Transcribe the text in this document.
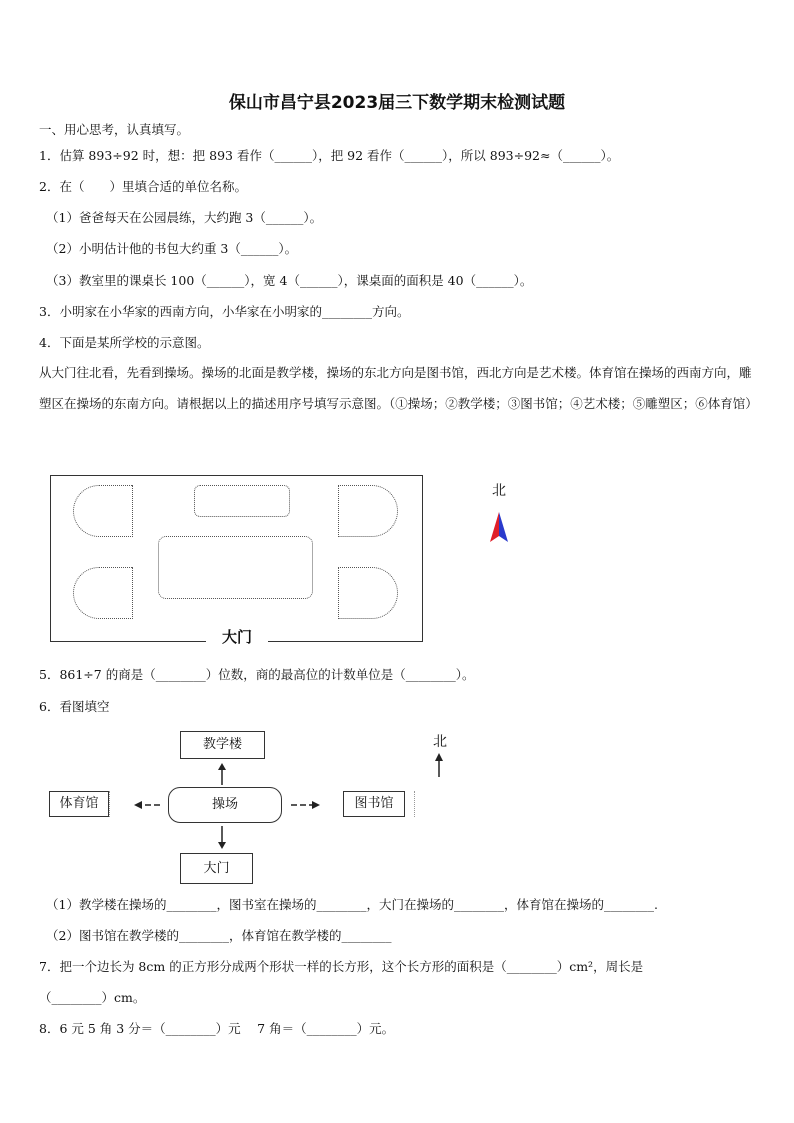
保山市昌宁县2023届三下数学期末检测试题
一、用心思考，认真填写。
1．估算 893÷92 时，想：把 893 看作（______），把 92 看作（______），所以 893÷92≈（______）。
2．在（　　）里填合适的单位名称。
（1）爸爸每天在公园晨练，大约跑 3（______）。
（2）小明估计他的书包大约重 3（______）。
（3）教室里的课桌长 100（______），宽 4（______），课桌面的面积是 40（______）。
3．小明家在小华家的西南方向，小华家在小明家的________方向。
4．下面是某所学校的示意图。
从大门往北看，先看到操场。操场的北面是教学楼，操场的东北方向是图书馆，西北方向是艺术楼。体育馆在操场的西南方向，雕塑区在操场的东南方向。请根据以上的描述用序号填写示意图。（①操场；②教学楼；③图书馆；④艺术楼；⑤雕塑区；⑥体育馆）
大门
北
5．861÷7 的商是（________）位数，商的最高位的计数单位是（________）。
6．看图填空
教学楼
体育馆	操场	图书馆
大门
北
（1）教学楼在操场的________，图书室在操场的________，大门在操场的________，体育馆在操场的________.
（2）图书馆在教学楼的________，体育馆在教学楼的________
7．把一个边长为 8cm 的正方形分成两个形状一样的长方形，这个长方形的面积是（________）cm²，周长是
（________）cm。
8．6 元 5 角 3 分＝（________）元　 7 角＝（________）元。
